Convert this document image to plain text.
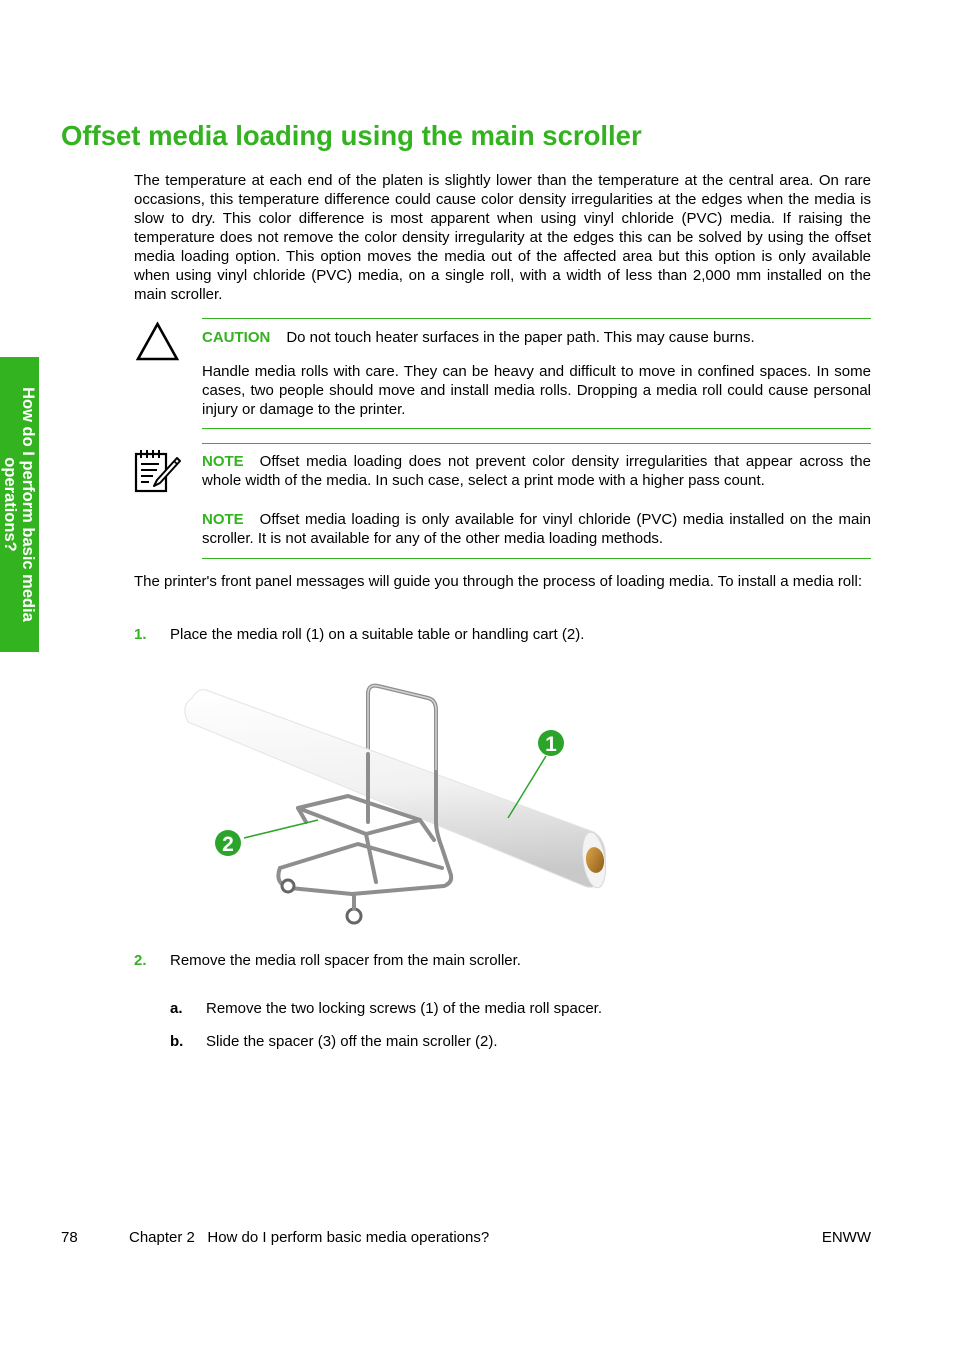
How do I perform basic media
operations?
Offset media loading using the main scroller

The temperature at each end of the platen is slightly lower than the temperature at the central area. On rare occasions, this temperature difference could cause color density irregularities at the edges when the media is slow to dry. This color difference is most apparent when using vinyl chloride (PVC) media. If raising the temperature does not remove the color density irregularity at the edges this can be solved by using the offset media loading option. This option moves the media out of the affected area but this option is only available when using vinyl chloride (PVC) media, on a single roll, with a width of less than 2,000 mm installed on the main scroller.

CAUTION Do not touch heater surfaces in the paper path. This may cause burns.

Handle media rolls with care. They can be heavy and difficult to move in confined spaces. In some cases, two people should move and install media rolls. Dropping a media roll could cause personal injury or damage to the printer.

NOTE Offset media loading does not prevent color density irregularities that appear across the whole width of the media. In such case, select a print mode with a higher pass count.

NOTE Offset media loading is only available for vinyl chloride (PVC) media installed on the main scroller. It is not available for any of the other media loading methods.

The printer's front panel messages will guide you through the process of loading media. To install a media roll:

1. Place the media roll (1) on a suitable table or handling cart (2).
1
2
2. Remove the media roll spacer from the main scroller.
a. Remove the two locking screws (1) of the media roll spacer.
b. Slide the spacer (3) off the main scroller (2).
78	Chapter 2   How do I perform basic media operations?	ENWW
